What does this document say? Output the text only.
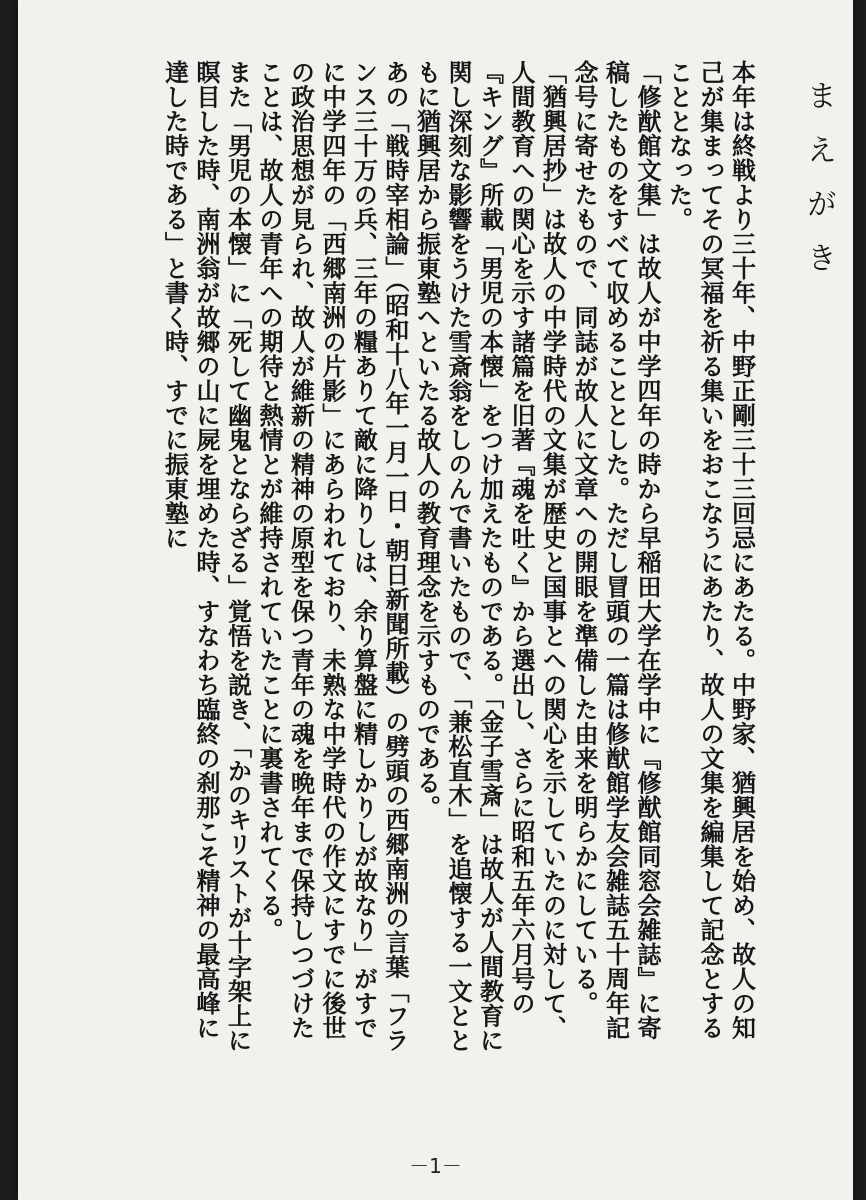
まえがき

本年は終戦より三十年、中野正剛三十三回忌にあたる。中野家、猶興居を始め、故人の知己が集まってその冥福を祈る集いをおこなうにあたり、故人の文集を編集して記念とすることとなった。

「修猷館文集」は故人が中学四年の時から早稲田大学在学中に『修猷館同窓会雑誌』に寄稿したものをすべて収めることとした。ただし冒頭の一篇は修猷館学友会雑誌五十周年記念号に寄せたもので、同誌が故人に文章への開眼を準備した由来を明らかにしている。

「猶興居抄」は故人の中学時代の文集が歴史と国事とへの関心を示していたのに対して、人間教育への関心を示す諸篇を旧著『魂を吐く』から選出し、さらに昭和五年六月号の『キング』所載「男児の本懐」をつけ加えたものである。「金子雪斎」は故人が人間教育に関し深刻な影響をうけた雪斎翁をしのんで書いたもので、「兼松直木」を追懐する一文とともに猶興居から振東塾へといたる故人の教育理念を示すものである。

あの「戦時宰相論」（昭和十八年一月一日・朝日新聞所載）の劈頭の西郷南洲の言葉「フランス三十万の兵、三年の糧ありて敵に降りしは、余り算盤に精しかりしが故なり」がすでに中学四年の「西郷南洲の片影」にあらわれており、未熟な中学時代の作文にすでに後世の政治思想が見られ、故人が維新の精神の原型を保つ青年の魂を晩年まで保持しつづけたことは、故人の青年への期待と熱情とが維持されていたことに裏書されてくる。

また「男児の本懐」に「死して幽鬼とならざる」覚悟を説き、「かのキリストが十字架上に瞑目した時、南洲翁が故郷の山に屍を埋めた時、すなわち臨終の刹那こそ精神の最高峰に達した時である」と書く時、すでに振東塾に

－1－
